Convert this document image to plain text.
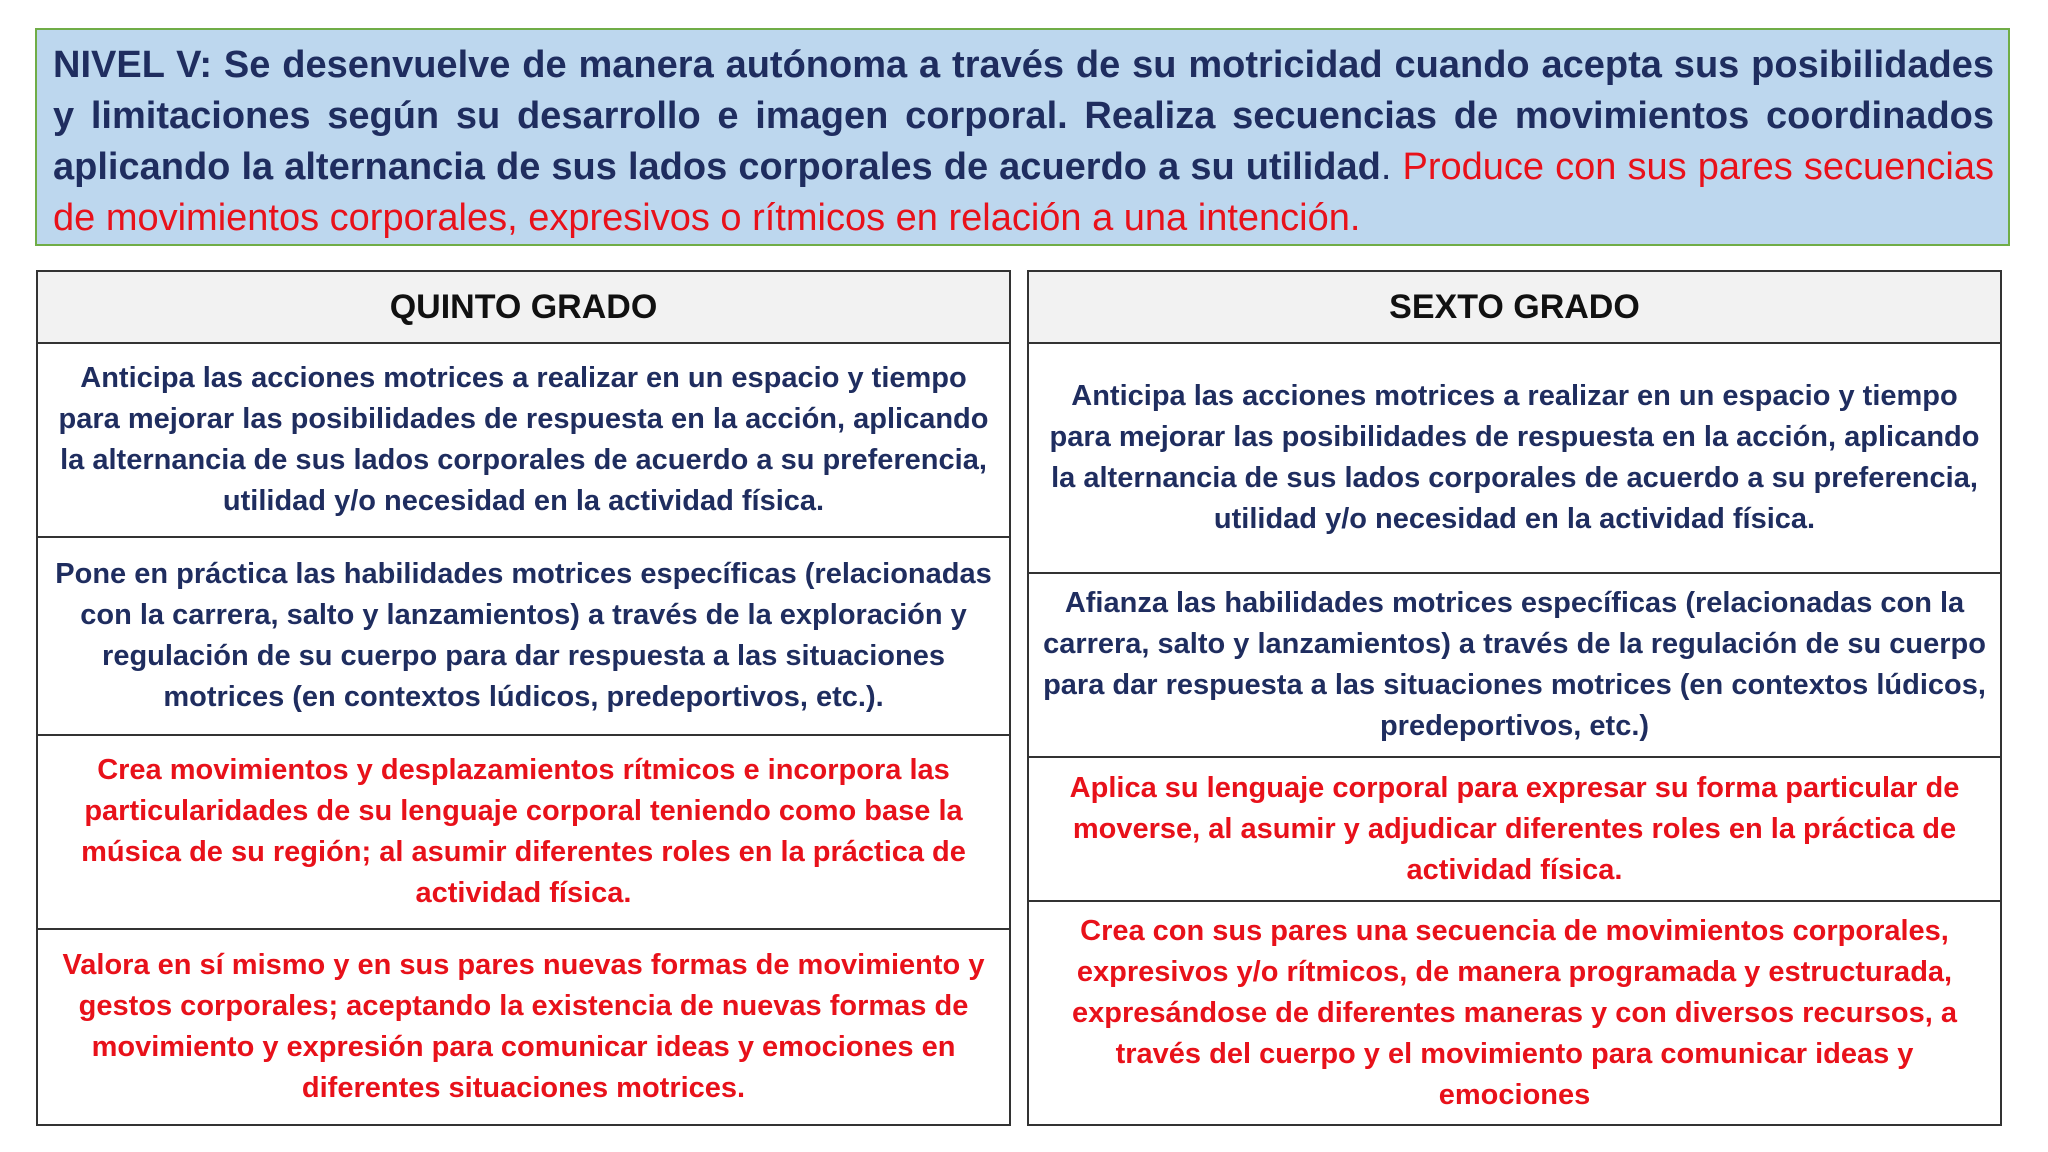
NIVEL V: Se desenvuelve de manera autónoma a través de su motricidad cuando acepta sus posibilidades y limitaciones según su desarrollo e imagen corporal. Realiza secuencias de movimientos coordinados aplicando la alternancia de sus lados corporales de acuerdo a su utilidad. Produce con sus pares secuencias de movimientos corporales, expresivos o rítmicos en relación a una intención.
QUINTO GRADO
Anticipa las acciones motrices a realizar en un espacio y tiempo para mejorar las posibilidades de respuesta en la acción, aplicando la alternancia de sus lados corporales de acuerdo a su preferencia, utilidad y/o necesidad en la actividad física.
Pone en práctica las habilidades motrices específicas (relacionadas con la carrera, salto y lanzamientos) a través de la exploración y regulación de su cuerpo para dar respuesta a las situaciones motrices (en contextos lúdicos, predeportivos, etc.).
Crea movimientos y desplazamientos rítmicos e incorpora las particularidades de su lenguaje corporal teniendo como base la música de su región; al asumir diferentes roles en la práctica de actividad física.
Valora en sí mismo y en sus pares nuevas formas de movimiento y gestos corporales; aceptando la existencia de nuevas formas de movimiento y expresión para comunicar ideas y emociones en diferentes situaciones motrices.
SEXTO GRADO
Anticipa las acciones motrices a realizar en un espacio y tiempo para mejorar las posibilidades de respuesta en la acción, aplicando la alternancia de sus lados corporales de acuerdo a su preferencia, utilidad y/o necesidad en la actividad física.
Afianza las habilidades motrices específicas (relacionadas con la carrera, salto y lanzamientos) a través de la regulación de su cuerpo para dar respuesta a las situaciones motrices (en contextos lúdicos, predeportivos, etc.)
Aplica su lenguaje corporal para expresar su forma particular de moverse, al asumir y adjudicar diferentes roles en la práctica de actividad física.
Crea con sus pares una secuencia de movimientos corporales, expresivos y/o rítmicos, de manera programada y estructurada, expresándose de diferentes maneras y con diversos recursos, a través del cuerpo y el movimiento para comunicar ideas y emociones
